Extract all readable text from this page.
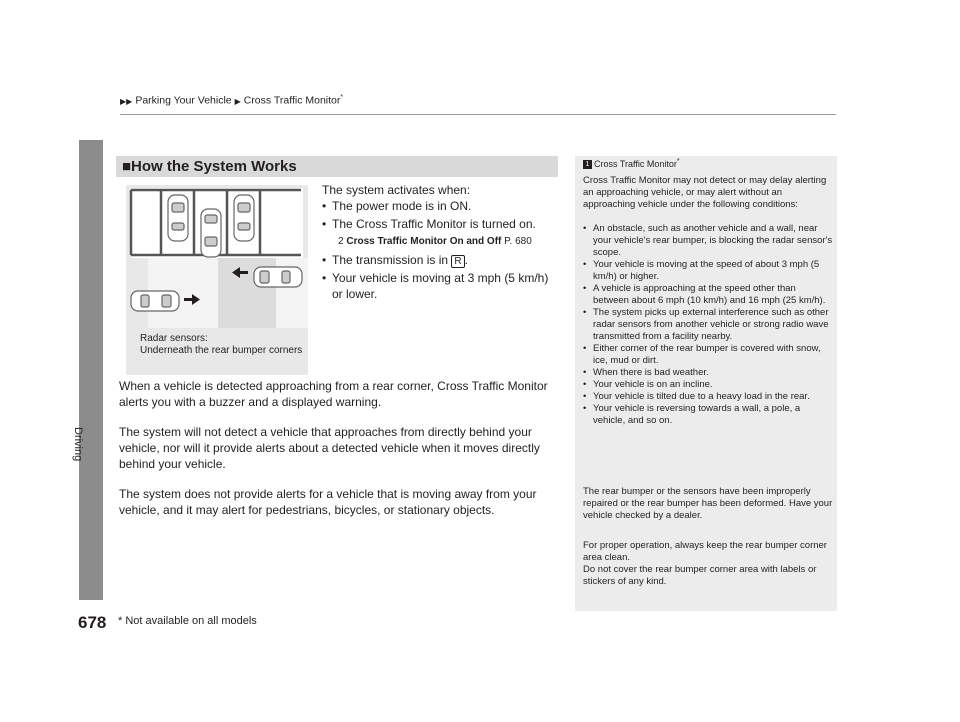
▶▶ Parking Your Vehicle ▶ Cross Traffic Monitor*
Driving
■How the System Works
Radar sensors:
Underneath the rear bumper corners
The system activates when:
• The power mode is in ON.
• The Cross Traffic Monitor is turned on.
2 Cross Traffic Monitor On and Off P. 680
• The transmission is in R .
• Your vehicle is moving at 3 mph (5 km/h) or lower.

When a vehicle is detected approaching from a rear corner, Cross Traffic Monitor alerts you with a buzzer and a displayed warning.

The system will not detect a vehicle that approaches from directly behind your vehicle, nor will it provide alerts about a detected vehicle when it moves directly behind your vehicle.

The system does not provide alerts for a vehicle that is moving away from your vehicle, and it may alert for pedestrians, bicycles, or stationary objects.

1 Cross Traffic Monitor*

Cross Traffic Monitor may not detect or may delay alerting an approaching vehicle, or may alert without an approaching vehicle under the following conditions:

• An obstacle, such as another vehicle and a wall, near your vehicle's rear bumper, is blocking the radar sensor's scope.
• Your vehicle is moving at the speed of about 3 mph (5 km/h) or higher.
• A vehicle is approaching at the speed other than between about 6 mph (10 km/h) and 16 mph (25 km/h).
• The system picks up external interference such as other radar sensors from another vehicle or strong radio wave transmitted from a facility nearby.
• Either corner of the rear bumper is covered with snow, ice, mud or dirt.
• When there is bad weather.
• Your vehicle is on an incline.
• Your vehicle is tilted due to a heavy load in the rear.
• Your vehicle is reversing towards a wall, a pole, a vehicle, and so on.

The rear bumper or the sensors have been improperly repaired or the rear bumper has been deformed. Have your vehicle checked by a dealer.

For proper operation, always keep the rear bumper corner area clean.
Do not cover the rear bumper corner area with labels or stickers of any kind.

678 * Not available on all models
